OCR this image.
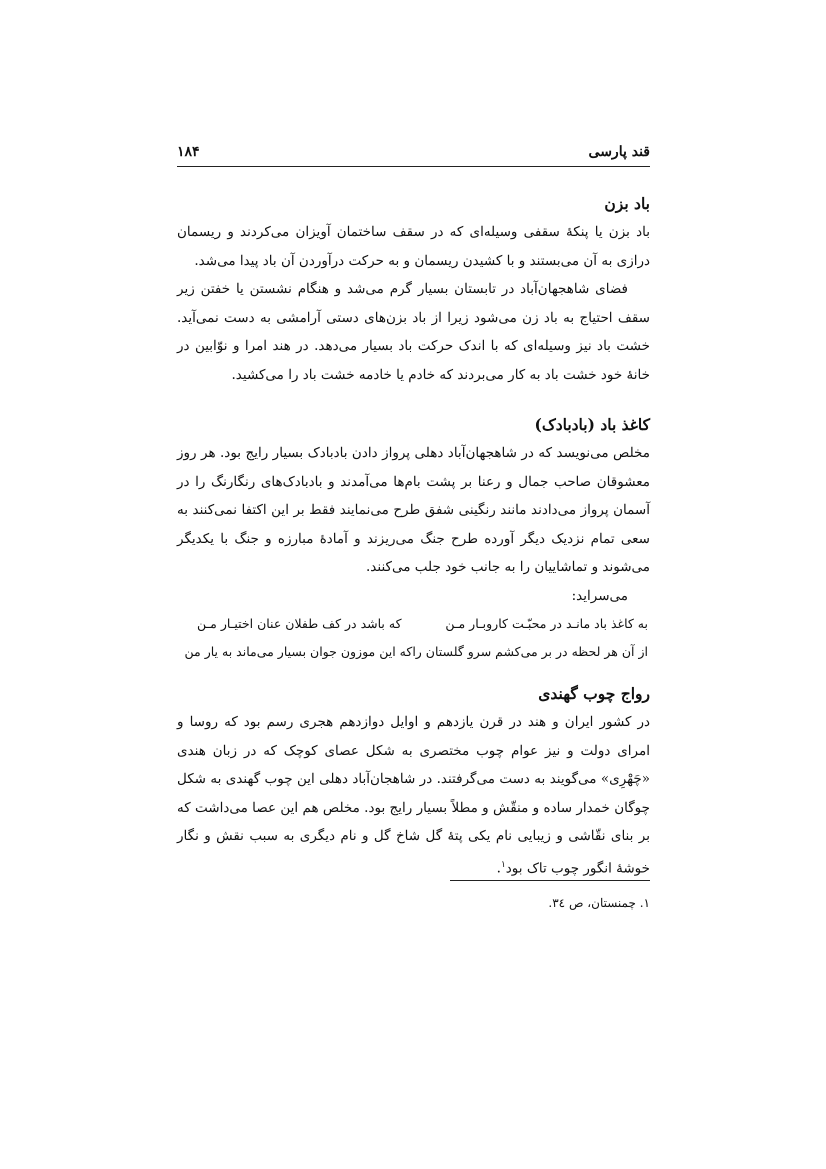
قند پارسی
۱۸۴
باد بزن

باد بزن یا پنکهٔ سقفی وسیله‌ای که در سقف ساختمان آویزان می‌کردند و ریسمان درازی به آن می‌بستند و با کشیدن ریسمان و به حرکت درآوردن آن باد پیدا می‌شد.

فضای شاهجهان‌آباد در تابستان بسیار گرم می‌شد و هنگام نشستن یا خفتن زیر سقف احتیاج به باد زن می‌شود زیرا از باد بزن‌های دستی آرامشی به دست نمی‌آید. خشت باد نیز وسیله‌ای که با اندک حرکت باد بسیار می‌دهد. در هند امرا و نوّابین در خانهٔ خود خشت باد به کار می‌بردند که خادم یا خادمه خشت باد را می‌کشید.

کاغذ باد (بادبادک)

مخلص می‌نویسد که در شاهجهان‌آباد دهلی پرواز دادن بادبادک بسیار رایج بود. هر روز معشوقان صاحب جمال و رعنا بر پشت بام‌ها می‌آمدند و بادبادک‌های رنگارنگ را در آسمان پرواز می‌دادند مانند رنگینی شفق طرح می‌نمایند فقط بر این اکتفا نمی‌کنند به سعی تمام نزدیک دیگر آورده طرح جنگ می‌ریزند و آمادهٔ مبارزه و جنگ با یکدیگر می‌شوند و تماشاییان را به جانب خود جلب می‌کنند.

می‌سراید:

به کاغذ باد مانـد در محبّـت کاروبـار مـن
که باشد در کف طفلان عنان اختیـار مـن
از آن هر لحظه در بر می‌کشم سرو گلستان را
که این موزون جوان بسیار می‌ماند به یار من
رواج چوب گهندی

در کشور ایران و هند در قرن یازدهم و اوایل دوازدهم هجری رسم بود که روسا و امرای دولت و نیز عوام چوب مختصری به شکل عصای کوچک که در زبان هندی «چَهْرِی» می‌گویند به دست می‌گرفتند. در شاهجان‌آباد دهلی این چوب گهندی به شکل چوگان خمدار ساده و منقّش و مطلاً بسیار رایج بود. مخلص هم این عصا می‌داشت که بر بنای نقّاشی و زیبایی نام یکی پتهٔ گل شاخ گل و نام دیگری به سبب نقش و نگار خوشهٔ انگور چوب تاک بود$^۱$.

۱. چمنستان، ص ۳٤.
